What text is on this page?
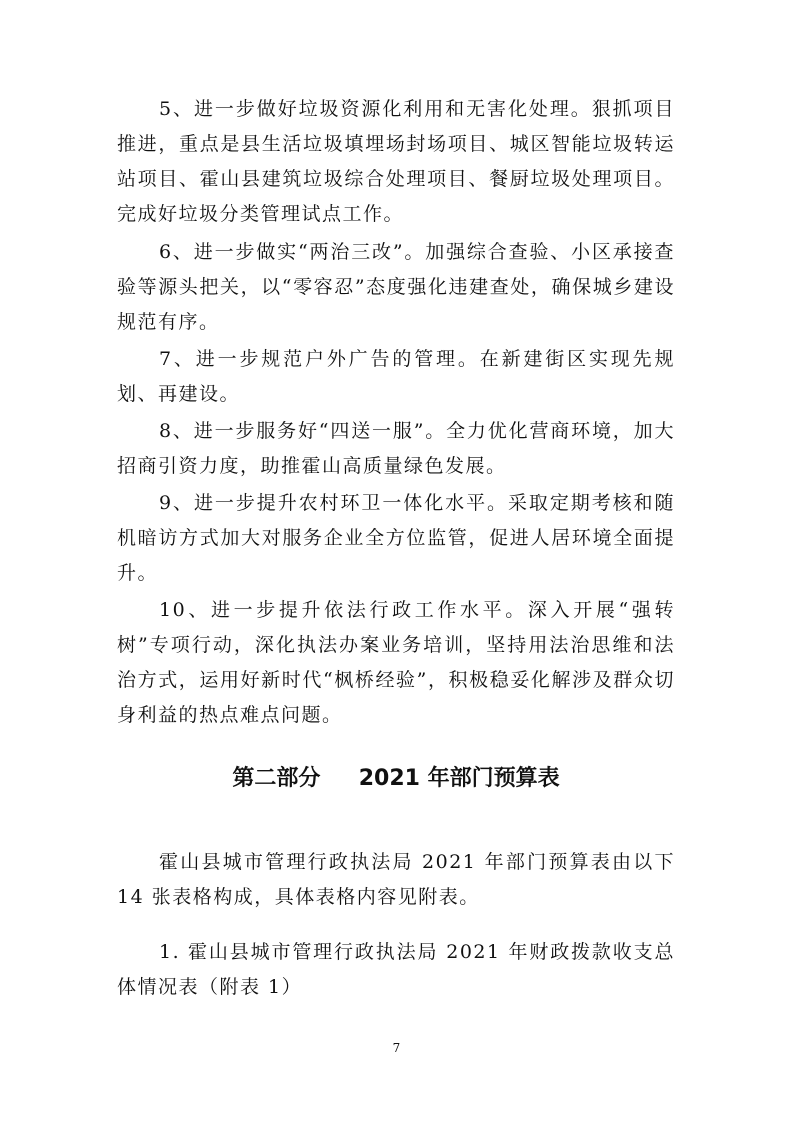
5、进一步做好垃圾资源化利用和无害化处理。狠抓项目推进，重点是县生活垃圾填埋场封场项目、城区智能垃圾转运站项目、霍山县建筑垃圾综合处理项目、餐厨垃圾处理项目。完成好垃圾分类管理试点工作。

6、进一步做实“两治三改”。加强综合查验、小区承接查验等源头把关，以“零容忍”态度强化违建查处，确保城乡建设规范有序。

7、进一步规范户外广告的管理。在新建街区实现先规划、再建设。

8、进一步服务好“四送一服”。全力优化营商环境，加大招商引资力度，助推霍山高质量绿色发展。

9、进一步提升农村环卫一体化水平。采取定期考核和随机暗访方式加大对服务企业全方位监管，促进人居环境全面提升。

10、进一步提升依法行政工作水平。深入开展“强转树”专项行动，深化执法办案业务培训，坚持用法治思维和法治方式，运用好新时代“枫桥经验”，积极稳妥化解涉及群众切身利益的热点难点问题。

第二部分     2021 年部门预算表

霍山县城市管理行政执法局 2021 年部门预算表由以下 14 张表格构成，具体表格内容见附表。

1. 霍山县城市管理行政执法局 2021 年财政拨款收支总体情况表（附表 1）

7
